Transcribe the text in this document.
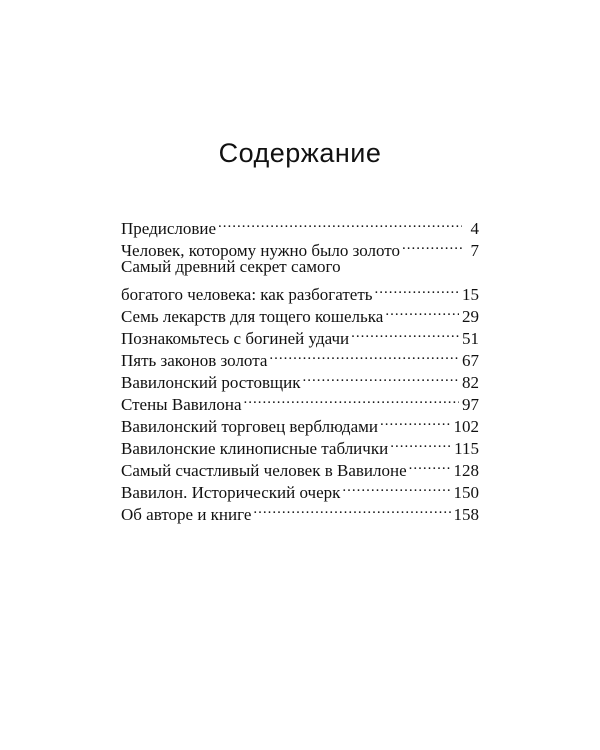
Содержание
Предисловие .....	4
Человек, которому нужно было золото .....	7
Самый древний секрет самого
богатого человека: как разбогатеть .....	15
Семь лекарств для тощего кошелька .....	29
Познакомьтесь с богиней удачи .....	51
Пять законов золота .....	67
Вавилонский ростовщик .....	82
Стены Вавилона .....	97
Вавилонский торговец верблюдами .....	102
Вавилонские клинописные таблички .....	115
Самый счастливый человек в Вавилоне .....	128
Вавилон. Исторический очерк .....	150
Об авторе и книге .....	158
